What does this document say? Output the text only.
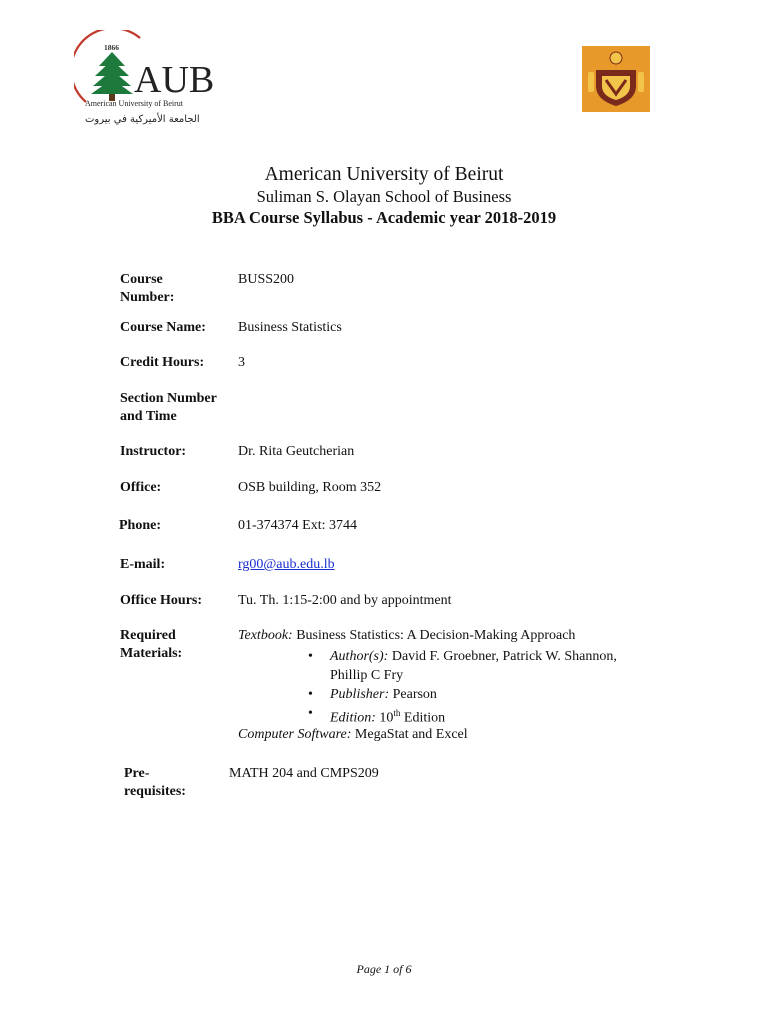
1866
AUB
American University of Beirut
الجامعة الأميركية في بيروت
American University of Beirut
Suliman S. Olayan School of Business
BBA Course Syllabus - Academic year 2018-2019
Course
Number:
BUSS200
Course Name: Business Statistics
Credit Hours: 3
Section Number
and Time
Instructor:	Dr. Rita Geutcherian
Office:	OSB building, Room 352
Phone:	01-374374 Ext: 3744
E-mail:	rg00@aub.edu.lb
Office Hours:	Tu. Th. 1:15-2:00 and by appointment
Required
Materials:
Textbook: Business Statistics: A Decision-Making Approach
• Author(s): David F. Groebner, Patrick W. Shannon,
Phillip C Fry
• Publisher: Pearson
• Edition: 10th Edition
Computer Software: MegaStat and Excel
Pre-
requisites:
MATH 204 and CMPS209
Page 1 of 6
